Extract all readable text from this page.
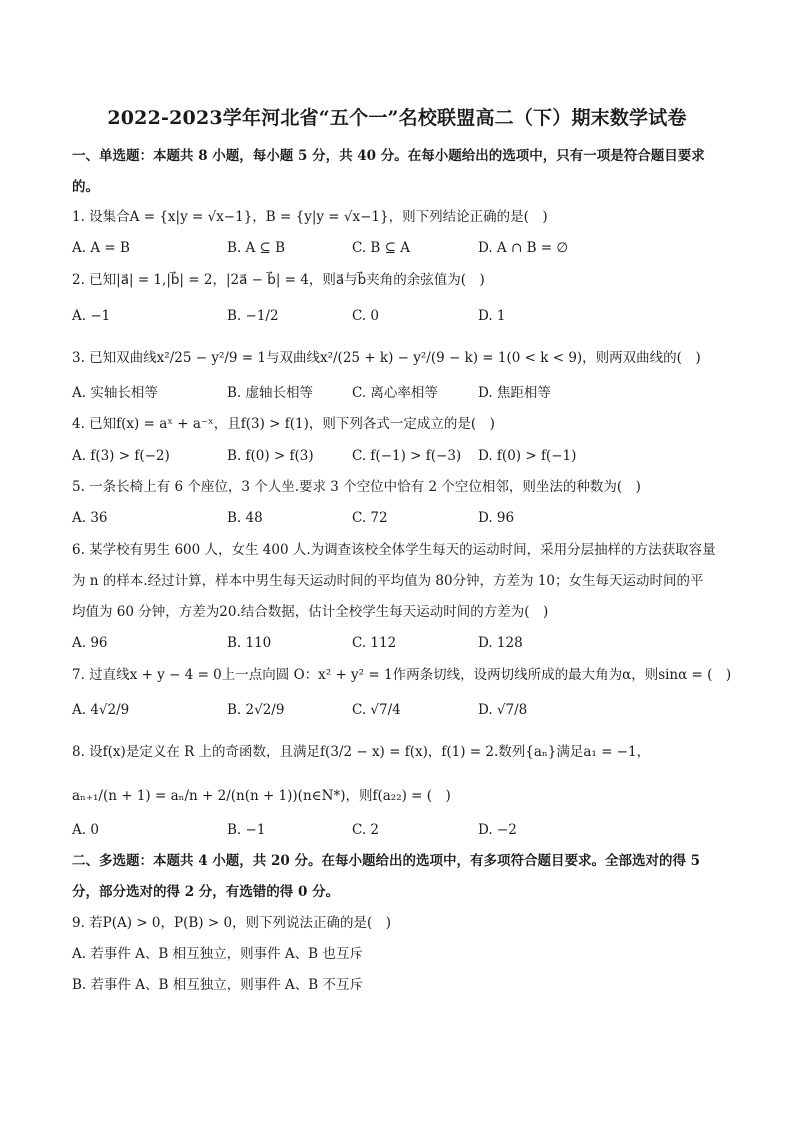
2022-2023学年河北省“五个一”名校联盟高二（下）期末数学试卷
一、单选题：本题共 8 小题，每小题 5 分，共 40 分。在每小题给出的选项中，只有一项是符合题目要求
的。
1. 设集合A = {x|y = √x−1}，B = {y|y = √x−1}，则下列结论正确的是(　)
A. A = B	B. A ⊆ B	C. B ⊆ A	D. A ∩ B = ∅
2. 已知|a⃗| = 1,|b⃗| = 2，|2a⃗ − b⃗| = 4，则a⃗与b⃗夹角的余弦值为(　)
A. −1	B. −1/2	C. 0	D. 1
3. 已知双曲线x²/25 − y²/9 = 1与双曲线x²/(25 + k) − y²/(9 − k) = 1(0 < k < 9)，则两双曲线的(　)
A. 实轴长相等	B. 虚轴长相等	C. 离心率相等	D. 焦距相等
4. 已知f(x) = aˣ + a⁻ˣ，且f(3) > f(1)，则下列各式一定成立的是(　)
A. f(3) > f(−2)	B. f(0) > f(3)	C. f(−1) > f(−3) D. f(0) > f(−1)
5. 一条长椅上有 6 个座位，3 个人坐.要求 3 个空位中恰有 2 个空位相邻，则坐法的种数为(　)
A. 36	B. 48	C. 72	D. 96
6. 某学校有男生 600 人，女生 400 人.为调查该校全体学生每天的运动时间，采用分层抽样的方法获取容量
为 n 的样本.经过计算，样本中男生每天运动时间的平均值为 80分钟，方差为 10；女生每天运动时间的平
均值为 60 分钟，方差为20.结合数据，估计全校学生每天运动时间的方差为(　)
A. 96	B. 110	C. 112	D. 128
7. 过直线x + y − 4 = 0上一点向圆 O：x² + y² = 1作两条切线，设两切线所成的最大角为α，则sinα = (　)
A. 4√2/9	B. 2√2/9	C. √7/4	D. √7/8
8. 设f(x)是定义在 R 上的奇函数，且满足f(3/2 − x) = f(x)，f(1) = 2.数列{aₙ}满足a₁ = −1，
aₙ₊₁/(n + 1) = aₙ/n + 2/(n(n + 1))(n∈N*)，则f(a₂₂) = (　)
A. 0	B. −1	C. 2	D. −2
二、多选题：本题共 4 小题，共 20 分。在每小题给出的选项中，有多项符合题目要求。全部选对的得 5
分，部分选对的得 2 分，有选错的得 0 分。
9. 若P(A) > 0，P(B) > 0，则下列说法正确的是(　)
A. 若事件 A、B 相互独立，则事件 A、B 也互斥
B. 若事件 A、B 相互独立，则事件 A、B 不互斥
